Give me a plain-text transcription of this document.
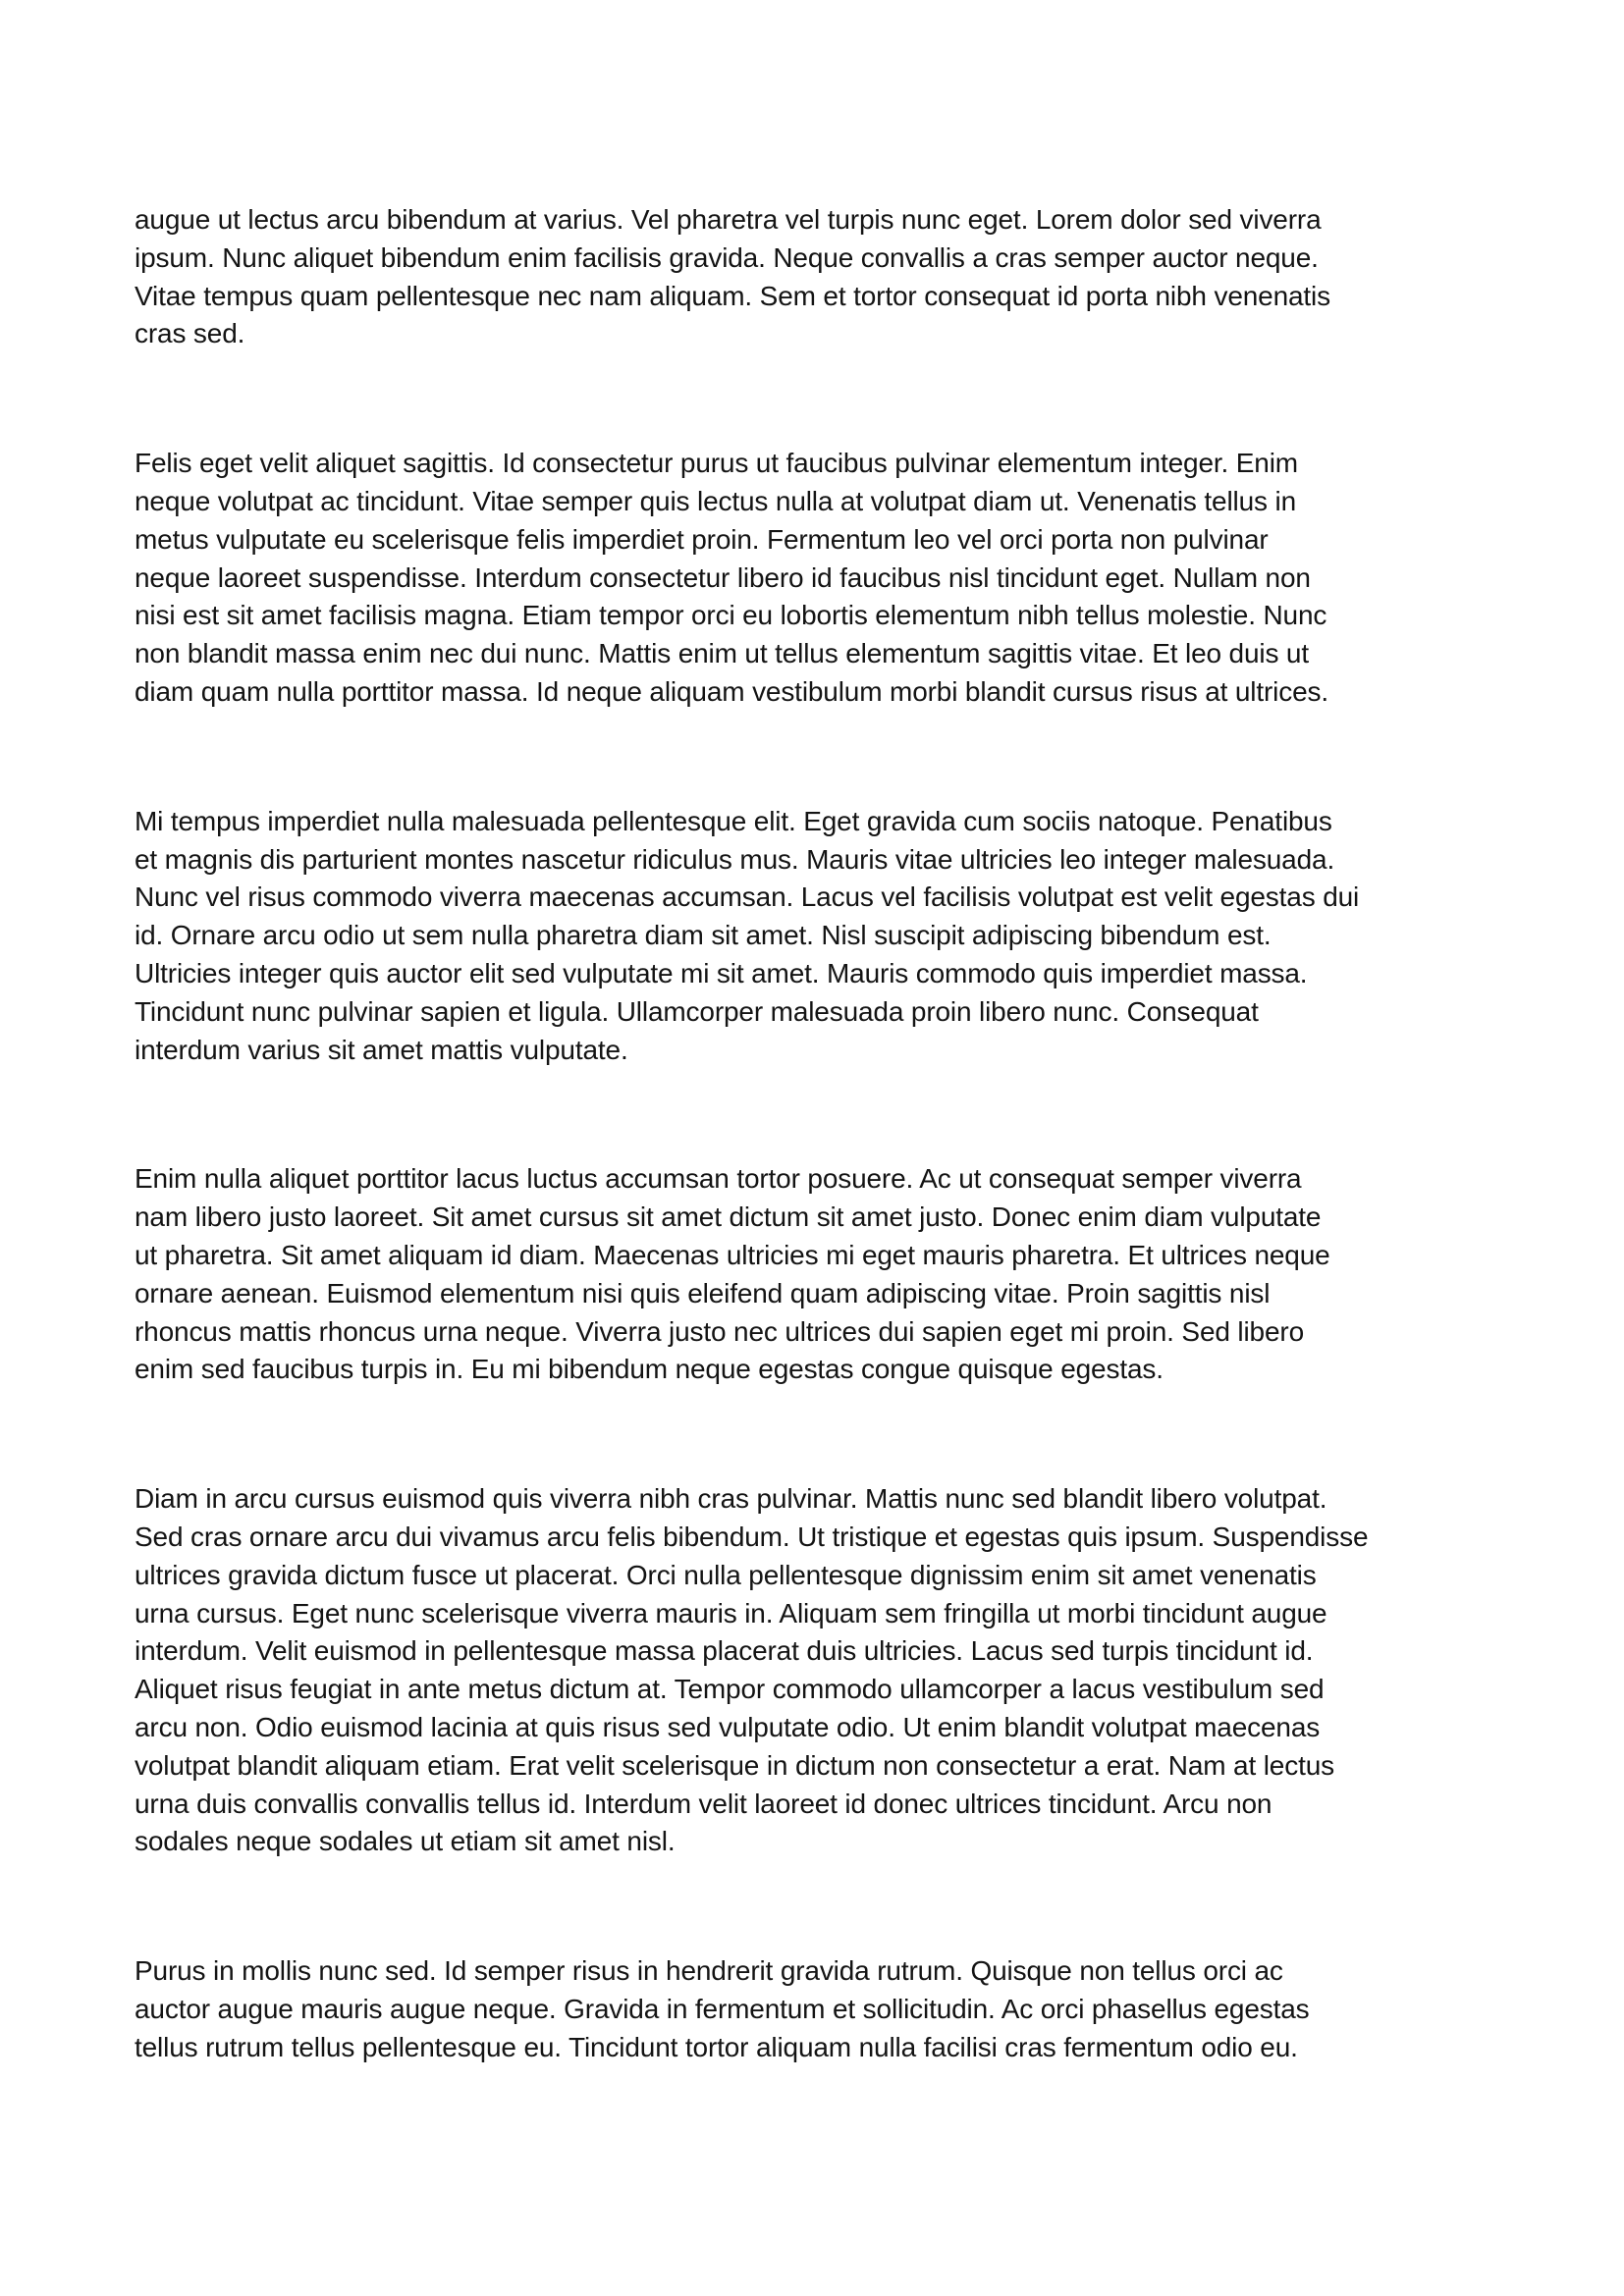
augue ut lectus arcu bibendum at varius. Vel pharetra vel turpis nunc eget. Lorem dolor sed viverra
ipsum. Nunc aliquet bibendum enim facilisis gravida. Neque convallis a cras semper auctor neque.
Vitae tempus quam pellentesque nec nam aliquam. Sem et tortor consequat id porta nibh venenatis
cras sed.
Felis eget velit aliquet sagittis. Id consectetur purus ut faucibus pulvinar elementum integer. Enim
neque volutpat ac tincidunt. Vitae semper quis lectus nulla at volutpat diam ut. Venenatis tellus in
metus vulputate eu scelerisque felis imperdiet proin. Fermentum leo vel orci porta non pulvinar
neque laoreet suspendisse. Interdum consectetur libero id faucibus nisl tincidunt eget. Nullam non
nisi est sit amet facilisis magna. Etiam tempor orci eu lobortis elementum nibh tellus molestie. Nunc
non blandit massa enim nec dui nunc. Mattis enim ut tellus elementum sagittis vitae. Et leo duis ut
diam quam nulla porttitor massa. Id neque aliquam vestibulum morbi blandit cursus risus at ultrices.
Mi tempus imperdiet nulla malesuada pellentesque elit. Eget gravida cum sociis natoque. Penatibus
et magnis dis parturient montes nascetur ridiculus mus. Mauris vitae ultricies leo integer malesuada.
Nunc vel risus commodo viverra maecenas accumsan. Lacus vel facilisis volutpat est velit egestas dui
id. Ornare arcu odio ut sem nulla pharetra diam sit amet. Nisl suscipit adipiscing bibendum est.
Ultricies integer quis auctor elit sed vulputate mi sit amet. Mauris commodo quis imperdiet massa.
Tincidunt nunc pulvinar sapien et ligula. Ullamcorper malesuada proin libero nunc. Consequat
interdum varius sit amet mattis vulputate.
Enim nulla aliquet porttitor lacus luctus accumsan tortor posuere. Ac ut consequat semper viverra
nam libero justo laoreet. Sit amet cursus sit amet dictum sit amet justo. Donec enim diam vulputate
ut pharetra. Sit amet aliquam id diam. Maecenas ultricies mi eget mauris pharetra. Et ultrices neque
ornare aenean. Euismod elementum nisi quis eleifend quam adipiscing vitae. Proin sagittis nisl
rhoncus mattis rhoncus urna neque. Viverra justo nec ultrices dui sapien eget mi proin. Sed libero
enim sed faucibus turpis in. Eu mi bibendum neque egestas congue quisque egestas.
Diam in arcu cursus euismod quis viverra nibh cras pulvinar. Mattis nunc sed blandit libero volutpat.
Sed cras ornare arcu dui vivamus arcu felis bibendum. Ut tristique et egestas quis ipsum. Suspendisse
ultrices gravida dictum fusce ut placerat. Orci nulla pellentesque dignissim enim sit amet venenatis
urna cursus. Eget nunc scelerisque viverra mauris in. Aliquam sem fringilla ut morbi tincidunt augue
interdum. Velit euismod in pellentesque massa placerat duis ultricies. Lacus sed turpis tincidunt id.
Aliquet risus feugiat in ante metus dictum at. Tempor commodo ullamcorper a lacus vestibulum sed
arcu non. Odio euismod lacinia at quis risus sed vulputate odio. Ut enim blandit volutpat maecenas
volutpat blandit aliquam etiam. Erat velit scelerisque in dictum non consectetur a erat. Nam at lectus
urna duis convallis convallis tellus id. Interdum velit laoreet id donec ultrices tincidunt. Arcu non
sodales neque sodales ut etiam sit amet nisl.
Purus in mollis nunc sed. Id semper risus in hendrerit gravida rutrum. Quisque non tellus orci ac
auctor augue mauris augue neque. Gravida in fermentum et sollicitudin. Ac orci phasellus egestas
tellus rutrum tellus pellentesque eu. Tincidunt tortor aliquam nulla facilisi cras fermentum odio eu.
